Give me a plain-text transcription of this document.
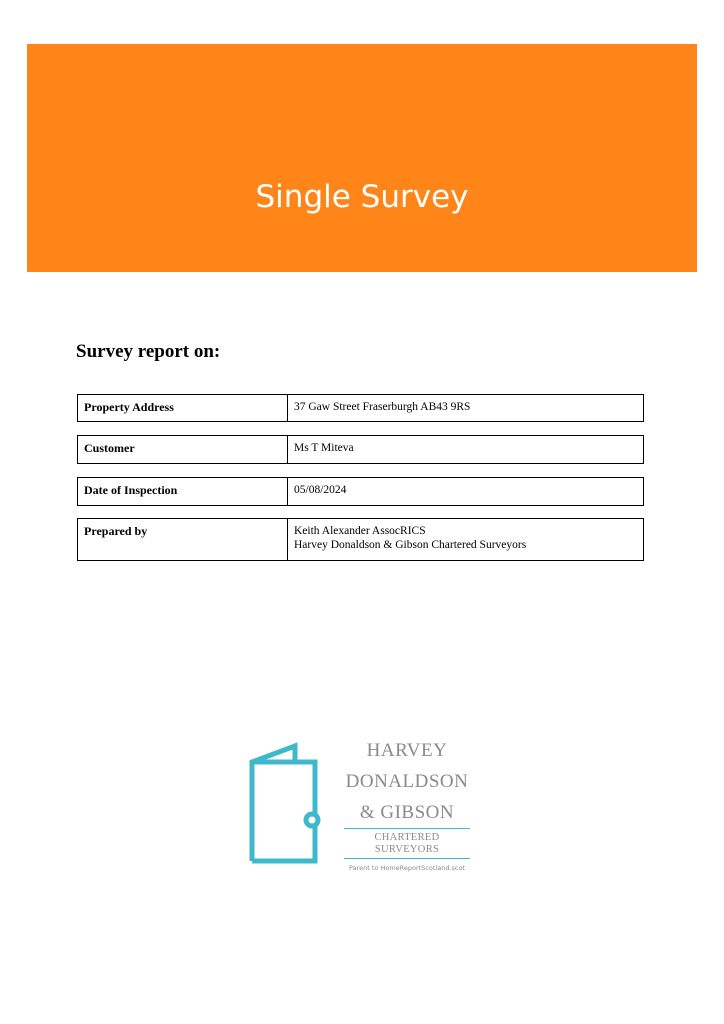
Single Survey
Survey report on:
Property Address	37 Gaw Street Fraserburgh AB43 9RS
Customer	Ms T Miteva
Date of Inspection	05/08/2024
Prepared by	Keith Alexander AssocRICS
Harvey Donaldson & Gibson Chartered Surveyors
HARVEY
DONALDSON
& GIBSON
CHARTERED SURVEYORS
Parent to HomeReportScotland.scot
